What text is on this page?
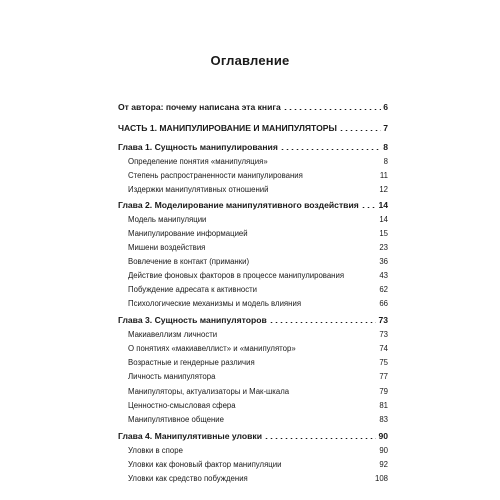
Оглавление
От автора: почему написана эта книга	6
ЧАСТЬ 1. МАНИПУЛИРОВАНИЕ И МАНИПУЛЯТОРЫ	7
Глава 1. Сущность манипулирования	8
Определение понятия «манипуляция»	8
Степень распространенности манипулирования	11
Издержки манипулятивных отношений	12
Глава 2. Моделирование манипулятивного воздействия 14
Модель манипуляции	14
Манипулирование информацией	15
Мишени воздействия	23
Вовлечение в контакт (приманки)	36
Действие фоновых факторов в процессе манипулирования	43
Побуждение адресата к активности	62
Психологические механизмы и модель влияния	66
Глава 3. Сущность манипуляторов	73
Макиавеллизм личности	73
О понятиях «макиавеллист» и «манипулятор»	74
Возрастные и гендерные различия	75
Личность манипулятора	77
Манипуляторы, актуализаторы и Мак-шкала	79
Ценностно-смысловая сфера	81
Манипулятивное общение	83
Глава 4. Манипулятивные уловки	90
Уловки в споре	90
Уловки как фоновый фактор манипуляции	92
Уловки как средство побуждения	108
